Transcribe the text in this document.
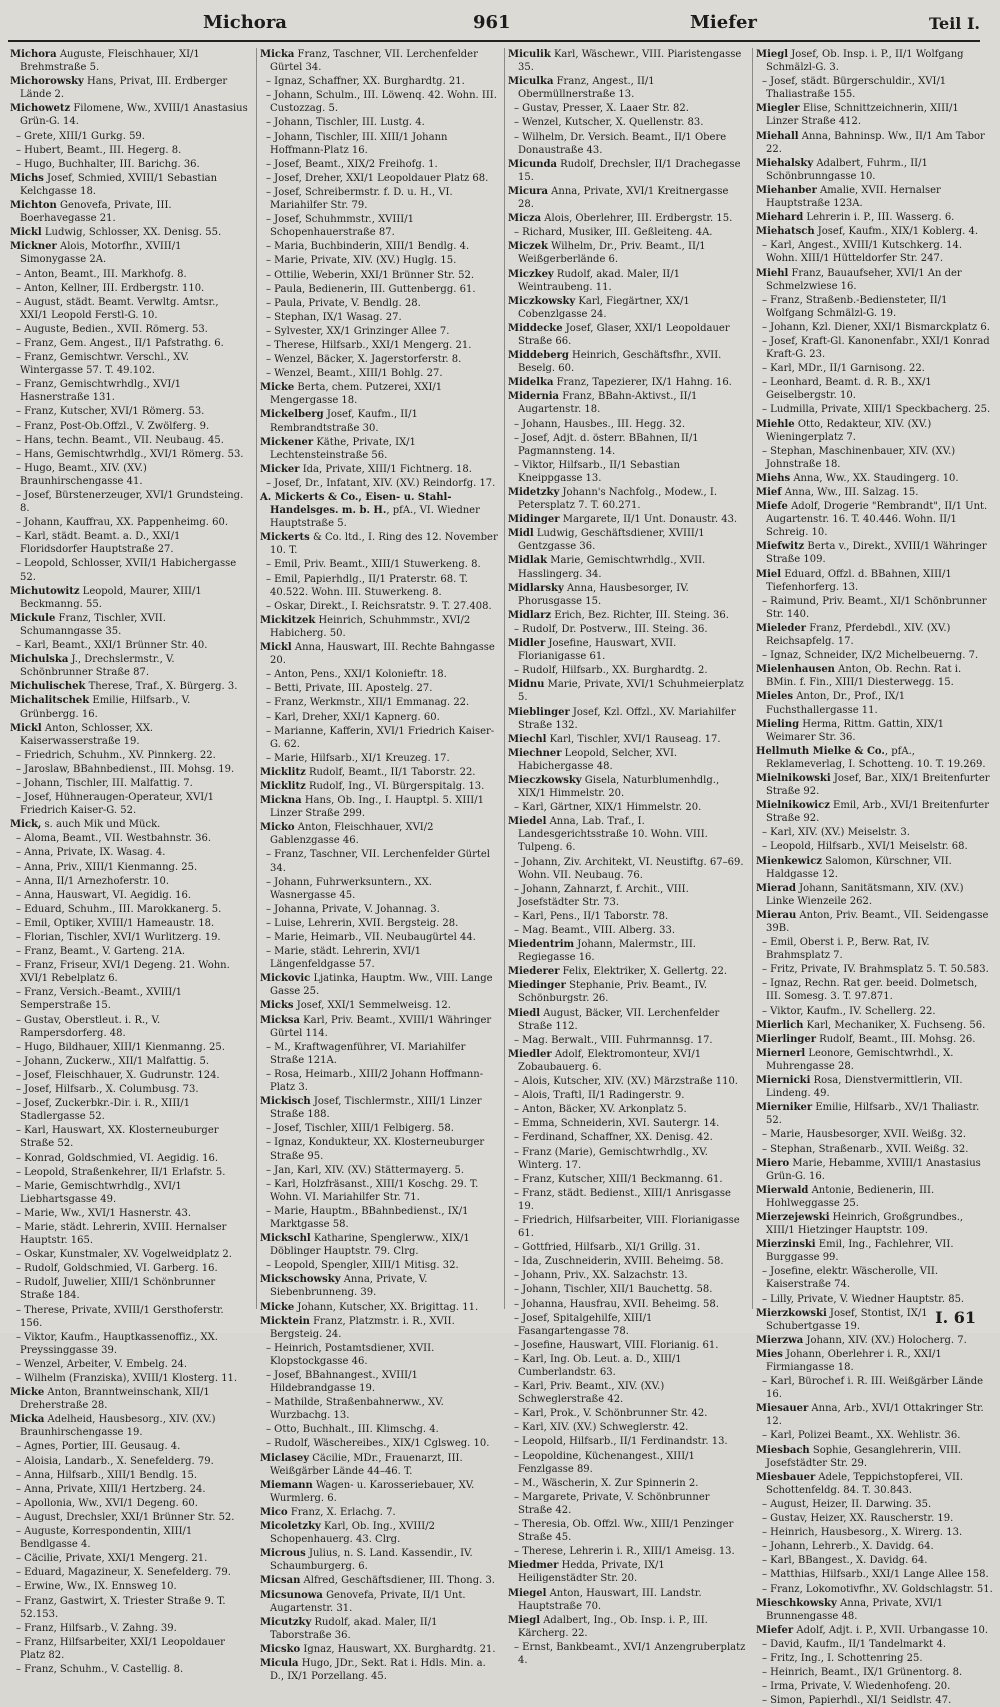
Michora	961	Miefer	Teil I.
Michora Auguste, Fleischhauer, XI/1 Brehmstraße 5.
Michorowsky Hans, Privat, III. Erdberger Lände 2.
Michowetz Filomene, Ww., XVIII/1 Anastasius Grün-G. 14.
– Grete, XIII/1 Gurkg. 59.
– Hubert, Beamt., III. Hegerg. 8.
– Hugo, Buchhalter, III. Barichg. 36.
Michs Josef, Schmied, XVIII/1 Sebastian Kelchgasse 18.
Michton Genovefa, Private, III. Boerhavegasse 21.
Mickl Ludwig, Schlosser, XX. Denisg. 55.
Mickner Alois, Motorfhr., XVIII/1 Simonygasse 2A.
– Anton, Beamt., III. Markhofg. 8.
– Anton, Kellner, III. Erdbergstr. 110.
– August, städt. Beamt. Verwltg. Amtsr., XXI/1 Leopold Ferstl-G. 10.
– Auguste, Bedien., XVII. Römerg. 53.
– Franz, Gem. Angest., II/1 Pafstrathg. 6.
– Franz, Gemischtwr. Verschl., XV. Wintergasse 57. T. 49.102.
– Franz, Gemischtwrhdlg., XVI/1 Hasnerstraße 131.
– Franz, Kutscher, XVI/1 Römerg. 53.
– Franz, Post-Ob.Offzl., V. Zwölferg. 9.
– Hans, techn. Beamt., VII. Neubaug. 45.
– Hans, Gemischtwrhdlg., XVI/1 Römerg. 53.
– Hugo, Beamt., XIV. (XV.) Braunhirschengasse 41.
– Josef, Bürstenerzeuger, XVI/1 Grundsteing. 8.
– Johann, Kauffrau, XX. Pappenheimg. 60.
– Karl, städt. Beamt. a. D., XXI/1 Floridsdorfer Hauptstraße 27.
– Leopold, Schlosser, XVII/1 Habichergasse 52.
Michutowitz Leopold, Maurer, XIII/1 Beckmanng. 55.
Mickule Franz, Tischler, XVII. Schumanngasse 35.
– Karl, Beamt., XXI/1 Brünner Str. 40.
Michulska J., Drechslermstr., V. Schönbrunner Straße 87.
Michulischek Therese, Traf., X. Bürgerg. 3.
Michalitschek Emilie, Hilfsarb., V. Grünbergg. 16.
Mickl Anton, Schlosser, XX. Kaiserwasserstraße 19.
– Friedrich, Schuhm., XV. Pinnkerg. 22.
– Jaroslaw, BBahnbedienst., III. Mohsg. 19.
– Johann, Tischler, III. Malfattig. 7.
– Josef, Hühneraugen-Operateur, XVI/1 Friedrich Kaiser-G. 52.
Mick, s. auch Mik und Mück.
– Aloma, Beamt., VII. Westbahnstr. 36.
– Anna, Private, IX. Wasag. 4.
– Anna, Priv., XIII/1 Kienmanng. 25.
– Anna, II/1 Arnezhoferstr. 10.
– Anna, Hauswart, VI. Aegidig. 16.
– Eduard, Schuhm., III. Marokkanerg. 5.
– Emil, Optiker, XVIII/1 Hameaustr. 18.
– Florian, Tischler, XVI/1 Wurlitzerg. 19.
– Franz, Beamt., V. Garteng. 21A.
– Franz, Friseur, XVI/1 Degeng. 21. Wohn. XVI/1 Rebelplatz 6.
– Franz, Versich.-Beamt., XVIII/1 Semperstraße 15.
– Gustav, Oberstleut. i. R., V. Rampersdorferg. 48.
– Hugo, Bildhauer, XIII/1 Kienmanng. 25.
– Johann, Zuckerw., XII/1 Malfattig. 5.
– Josef, Fleischhauer, X. Gudrunstr. 124.
– Josef, Hilfsarb., X. Columbusg. 73.
– Josef, Zuckerbkr.-Dir. i. R., XIII/1 Stadlergasse 52.
– Karl, Hauswart, XX. Klosterneuburger Straße 52.
– Konrad, Goldschmied, VI. Aegidig. 16.
– Leopold, Straßenkehrer, II/1 Erlafstr. 5.
– Marie, Gemischtwrhdlg., XVI/1 Liebhartsgasse 49.
– Marie, Ww., XVI/1 Hasnerstr. 43.
– Marie, städt. Lehrerin, XVIII. Hernalser Hauptstr. 165.
– Oskar, Kunstmaler, XV. Vogelweidplatz 2.
– Rudolf, Goldschmied, VI. Garberg. 16.
– Rudolf, Juwelier, XIII/1 Schönbrunner Straße 184.
– Therese, Private, XVIII/1 Gersthoferstr. 156.
– Viktor, Kaufm., Hauptkassenoffiz., XX. Preyssinggasse 39.
– Wenzel, Arbeiter, V. Embelg. 24.
– Wilhelm (Franziska), XVIII/1 Klosterg. 11.
Micke Anton, Branntweinschank, XII/1 Dreherstraße 28.
Micka Adelheid, Hausbesorg., XIV. (XV.) Braunhirschengasse 19.
– Agnes, Portier, III. Geusaug. 4.
– Aloisia, Landarb., X. Senefelderg. 79.
– Anna, Hilfsarb., XIII/1 Bendlg. 15.
– Anna, Private, XIII/1 Hertzberg. 24.
– Apollonia, Ww., XVI/1 Degeng. 60.
– August, Drechsler, XXI/1 Brünner Str. 52.
– Auguste, Korrespondentin, XIII/1 Bendlgasse 4.
– Cäcilie, Private, XXI/1 Mengerg. 21.
– Eduard, Magazineur, X. Senefelderg. 79.
– Erwine, Ww., IX. Ennsweg 10.
– Franz, Gastwirt, X. Triester Straße 9. T. 52.153.
– Franz, Hilfsarb., V. Zahng. 39.
– Franz, Hilfsarbeiter, XXI/1 Leopoldauer Platz 82.
– Franz, Schuhm., V. Castellig. 8.
Micka Franz, Taschner, VII. Lerchenfelder Gürtel 34.
– Ignaz, Schaffner, XX. Burghardtg. 21.
– Johann, Schulm., III. Löwenq. 42. Wohn. III. Custozzag. 5.
– Johann, Tischler, III. Lustg. 4.
– Johann, Tischler, III. XIII/1 Johann Hoffmann-Platz 16.
– Josef, Beamt., XIX/2 Freihofg. 1.
– Josef, Dreher, XXI/1 Leopoldauer Platz 68.
– Josef, Schreibermstr. f. D. u. H., VI. Mariahilfer Str. 79.
– Josef, Schuhmmstr., XVIII/1 Schopenhauerstraße 87.
– Maria, Buchbinderin, XIII/1 Bendlg. 4.
– Marie, Private, XIV. (XV.) Huglg. 15.
– Ottilie, Weberin, XXI/1 Brünner Str. 52.
– Paula, Bedienerin, III. Guttenbergg. 61.
– Paula, Private, V. Bendlg. 28.
– Stephan, IX/1 Wasag. 27.
– Sylvester, XX/1 Grinzinger Allee 7.
– Therese, Hilfsarb., XXI/1 Mengerg. 21.
– Wenzel, Bäcker, X. Jagerstorferstr. 8.
– Wenzel, Beamt., XIII/1 Bohlg. 27.
Micke Berta, chem. Putzerei, XXI/1 Mengergasse 18.
Mickelberg Josef, Kaufm., II/1 Rembrandtstraße 30.
Mickener Käthe, Private, IX/1 Lechtensteinstraße 56.
Micker Ida, Private, XIII/1 Fichtnerg. 18.
– Josef, Dr., Infatant, XIV. (XV.) Reindorfg. 17.
A. Mickerts & Co., Eisen- u. Stahl-Handelsges. m. b. H., pfA., VI. Wiedner Hauptstraße 5.
Mickerts & Co. ltd., I. Ring des 12. November 10. T.
– Emil, Priv. Beamt., XIII/1 Stuwerkeng. 8.
– Emil, Papierhdlg., II/1 Praterstr. 68. T. 40.522. Wohn. III. Stuwerkeng. 8.
– Oskar, Direkt., I. Reichsratstr. 9. T. 27.408.
Mickitzek Heinrich, Schuhmmstr., XVI/2 Habicherg. 50.
Mickl Anna, Hauswart, III. Rechte Bahngasse 20.
– Anton, Pens., XXI/1 Kolonieftr. 18.
– Betti, Private, III. Apostelg. 27.
– Franz, Werkmstr., XII/1 Emmanag. 22.
– Karl, Dreher, XXI/1 Kapnerg. 60.
– Marianne, Kafferin, XVI/1 Friedrich Kaiser-G. 62.
– Marie, Hilfsarb., XI/1 Kreuzeg. 17.
Micklitz Rudolf, Beamt., II/1 Taborstr. 22.
Micklitz Rudolf, Ing., VI. Bürgerspitalg. 13.
Mickna Hans, Ob. Ing., I. Hauptpl. 5. XIII/1 Linzer Straße 299.
Micko Anton, Fleischhauer, XVI/2 Gablenzgasse 46.
– Franz, Taschner, VII. Lerchenfelder Gürtel 34.
– Johann, Fuhrwerksuntern., XX. Wasnergasse 45.
– Johanna, Private, V. Johannag. 3.
– Luise, Lehrerin, XVII. Bergsteig. 28.
– Marie, Heimarb., VII. Neubaugürtel 44.
– Marie, städt. Lehrerin, XVI/1 Längenfeldgasse 57.
Mickovic Ljatinka, Hauptm. Ww., VIII. Lange Gasse 25.
Micks Josef, XXI/1 Semmelweisg. 12.
Micksa Karl, Priv. Beamt., XVIII/1 Währinger Gürtel 114.
– M., Kraftwagenführer, VI. Mariahilfer Straße 121A.
– Rosa, Heimarb., XIII/2 Johann Hoffmann-Platz 3.
Mickisch Josef, Tischlermstr., XIII/1 Linzer Straße 188.
– Josef, Tischler, XIII/1 Felbigerg. 58.
– Ignaz, Kondukteur, XX. Klosterneuburger Straße 95.
– Jan, Karl, XIV. (XV.) Stättermayerg. 5.
– Karl, Holzfräsanst., XIII/1 Koschg. 29. T. Wohn. VI. Mariahilfer Str. 71.
– Marie, Hauptm., BBahnbedienst., IX/1 Marktgasse 58.
Mickschl Katharine, Spenglerww., XIX/1 Döblinger Hauptstr. 79. Clrg.
– Leopold, Spengler, XIII/1 Mitisg. 32.
Mickschowsky Anna, Private, V. Siebenbrunneng. 39.
Micke Johann, Kutscher, XX. Brigittag. 11.
Micktein Franz, Platzmstr. i. R., XVII. Bergsteig. 24.
– Heinrich, Postamtsdiener, XVII. Klopstockgasse 46.
– Josef, BBahnangest., XVIII/1 Hildebrandgasse 19.
– Mathilde, Straßenbahnerww., XV. Wurzbachg. 13.
– Otto, Buchhalt., III. Klimschg. 4.
– Rudolf, Wäschereibes., XIX/1 Cglsweg. 10.
Miclasey Cäcilie, MDr., Frauenarzt, III. Weißgärber Lände 44–46. T.
Miemann Wagen- u. Karosseriebauer, XV. Wurmlerg. 6.
Mico Franz, X. Erlachg. 7.
Micoletzky Karl, Ob. Ing., XVIII/2 Schopenhauerg. 43. Clrg.
Microus Julius, n. S. Land. Kassendir., IV. Schaumburgerg. 6.
Micsan Alfred, Geschäftsdiener, III. Thong. 3.
Micsunowa Genovefa, Private, II/1 Unt. Augartenstr. 31.
Micutzky Rudolf, akad. Maler, II/1 Taborstraße 36.
Micsko Ignaz, Hauswart, XX. Burghardtg. 21.
Micula Hugo, JDr., Sekt. Rat i. Hdls. Min. a. D., IX/1 Porzellang. 45.
Miculik Karl, Wäschewr., VIII. Piaristengasse 35.
Miculka Franz, Angest., II/1 Obermüllnerstraße 13.
– Gustav, Presser, X. Laaer Str. 82.
– Wenzel, Kutscher, X. Quellenstr. 83.
– Wilhelm, Dr. Versich. Beamt., II/1 Obere Donaustraße 43.
Micunda Rudolf, Drechsler, II/1 Drachegasse 15.
Micura Anna, Private, XVI/1 Kreitnergasse 28.
Micza Alois, Oberlehrer, III. Erdbergstr. 15.
– Richard, Musiker, III. Geßleiteng. 4A.
Miczek Wilhelm, Dr., Priv. Beamt., II/1 Weißgerberlände 6.
Miczkey Rudolf, akad. Maler, II/1 Weintraubeng. 11.
Miczkowsky Karl, Fiegärtner, XX/1 Cobenzlgasse 24.
Middecke Josef, Glaser, XXI/1 Leopoldauer Straße 66.
Middeberg Heinrich, Geschäftsfhr., XVII. Beselg. 60.
Midelka Franz, Tapezierer, IX/1 Hahng. 16.
Midernia Franz, BBahn-Aktivst., II/1 Augartenstr. 18.
– Johann, Hausbes., III. Hegg. 32.
– Josef, Adjt. d. österr. BBahnen, II/1 Pagmannsteng. 14.
– Viktor, Hilfsarb., II/1 Sebastian Kneippgasse 13.
Midetzky Johann's Nachfolg., Modew., I. Petersplatz 7. T. 60.271.
Midinger Margarete, II/1 Unt. Donaustr. 43.
Midl Ludwig, Geschäftsdiener, XVIII/1 Gentzgasse 36.
Midlak Marie, Gemischtwrhdlg., XVII. Hasslingerg. 34.
Midlarsky Anna, Hausbesorger, IV. Phorusgasse 15.
Midlarz Erich, Bez. Richter, III. Steing. 36.
– Rudolf, Dr. Postverw., III. Steing. 36.
Midler Josefine, Hauswart, XVII. Florianigasse 61.
– Rudolf, Hilfsarb., XX. Burghardtg. 2.
Midnu Marie, Private, XVI/1 Schuhmeierplatz 5.
Mieblinger Josef, Kzl. Offzl., XV. Mariahilfer Straße 132.
Miechl Karl, Tischler, XVI/1 Rauseag. 17.
Miechner Leopold, Selcher, XVI. Habichergasse 48.
Mieczkowsky Gisela, Naturblumenhdlg., XIX/1 Himmelstr. 20.
– Karl, Gärtner, XIX/1 Himmelstr. 20.
Miedel Anna, Lab. Traf., I. Landesgerichtsstraße 10. Wohn. VIII. Tulpeng. 6.
– Johann, Ziv. Architekt, VI. Neustiftg. 67–69. Wohn. VII. Neubaug. 76.
– Johann, Zahnarzt, f. Archit., VIII. Josefstädter Str. 73.
– Karl, Pens., II/1 Taborstr. 78.
– Mag. Beamt., VIII. Alberg. 33.
Miedentrim Johann, Malermstr., III. Regiegasse 16.
Miederer Felix, Elektriker, X. Gellertg. 22.
Miedinger Stephanie, Priv. Beamt., IV. Schönburgstr. 26.
Miedl August, Bäcker, VII. Lerchenfelder Straße 112.
– Mag. Berwalt., VIII. Fuhrmannsg. 17.
Miedler Adolf, Elektromonteur, XVI/1 Zobaubauerg. 6.
– Alois, Kutscher, XIV. (XV.) Märzstraße 110.
– Alois, Traftl, II/1 Radingerstr. 9.
– Anton, Bäcker, XV. Arkonplatz 5.
– Emma, Schneiderin, XVI. Sautergr. 14.
– Ferdinand, Schaffner, XX. Denisg. 42.
– Franz (Marie), Gemischtwrhdlg., XV. Winterg. 17.
– Franz, Kutscher, XIII/1 Beckmanng. 61.
– Franz, städt. Bedienst., XIII/1 Anrisgasse 19.
– Friedrich, Hilfsarbeiter, VIII. Florianigasse 61.
– Gottfried, Hilfsarb., XI/1 Grillg. 31.
– Ida, Zuschneiderin, XVIII. Beheimg. 58.
– Johann, Priv., XX. Salzachstr. 13.
– Johann, Tischler, XII/1 Bauchettg. 58.
– Johanna, Hausfrau, XVII. Beheimg. 58.
– Josef, Spitalgehilfe, XIII/1 Fasangartengasse 78.
– Josefine, Hauswart, VIII. Florianig. 61.
– Karl, Ing. Ob. Leut. a. D., XIII/1 Cumberlandstr. 63.
– Karl, Priv. Beamt., XIV. (XV.) Schweglerstraße 42.
– Karl, Prok., V. Schönbrunner Str. 42.
– Karl, XIV. (XV.) Schweglerstr. 42.
– Leopold, Hilfsarb., II/1 Ferdinandstr. 13.
– Leopoldine, Küchenangest., XIII/1 Fenzlgasse 89.
– M., Wäscherin, X. Zur Spinnerin 2.
– Margarete, Private, V. Schönbrunner Straße 42.
– Theresia, Ob. Offzl. Ww., XIII/1 Penzinger Straße 45.
– Therese, Lehrerin i. R., XIII/1 Ameisg. 13.
Miedmer Hedda, Private, IX/1 Heiligenstädter Str. 20.
Miegel Anton, Hauswart, III. Landstr. Hauptstraße 70.
Miegl Adalbert, Ing., Ob. Insp. i. P., III. Kärcherg. 22.
– Ernst, Bankbeamt., XVI/1 Anzengruberplatz 4.
Miegl Josef, Ob. Insp. i. P., II/1 Wolfgang Schmälzl-G. 3.
– Josef, städt. Bürgerschuldir., XVI/1 Thaliastraße 155.
Miegler Elise, Schnittzeichnerin, XIII/1 Linzer Straße 412.
Miehall Anna, Bahninsp. Ww., II/1 Am Tabor 22.
Miehalsky Adalbert, Fuhrm., II/1 Schönbrunngasse 10.
Miehanber Amalie, XVII. Hernalser Hauptstraße 123A.
Miehard Lehrerin i. P., III. Wasserg. 6.
Miehatsch Josef, Kaufm., XIX/1 Koblerg. 4.
– Karl, Angest., XVIII/1 Kutschkerg. 14. Wohn. XIII/1 Hütteldorfer Str. 247.
Miehl Franz, Bauaufseher, XVI/1 An der Schmelzwiese 16.
– Franz, Straßenb.-Bediensteter, II/1 Wolfgang Schmälzl-G. 19.
– Johann, Kzl. Diener, XXI/1 Bismarckplatz 6.
– Josef, Kraft-Gl. Kanonenfabr., XXI/1 Konrad Kraft-G. 23.
– Karl, MDr., II/1 Garnisong. 22.
– Leonhard, Beamt. d. R. B., XX/1 Geiselbergstr. 10.
– Ludmilla, Private, XIII/1 Speckbacherg. 25.
Miehle Otto, Redakteur, XIV. (XV.) Wieningerplatz 7.
– Stephan, Maschinenbauer, XIV. (XV.) Johnstraße 18.
Miehs Anna, Ww., XX. Staudingerg. 10.
Mief Anna, Ww., III. Salzag. 15.
Miefe Adolf, Drogerie "Rembrandt", II/1 Unt. Augartenstr. 16. T. 40.446. Wohn. II/1 Schreig. 10.
Miefwitz Berta v., Direkt., XVIII/1 Währinger Straße 109.
Miel Eduard, Offzl. d. BBahnen, XIII/1 Tiefenhorferg. 13.
– Raimund, Priv. Beamt., XI/1 Schönbrunner Str. 140.
Mieleder Franz, Pferdebdl., XIV. (XV.) Reichsapfelg. 17.
– Ignaz, Schneider, IX/2 Michelbeuerng. 7.
Mielenhausen Anton, Ob. Rechn. Rat i. BMin. f. Fin., XIII/1 Diesterwegg. 15.
Mieles Anton, Dr., Prof., IX/1 Fuchsthallergasse 11.
Mieling Herma, Rittm. Gattin, XIX/1 Weimarer Str. 36.
Hellmuth Mielke & Co., pfA., Reklameverlag, I. Schotteng. 10. T. 19.269.
Mielnikowski Josef, Bar., XIX/1 Breitenfurter Straße 92.
Mielnikowicz Emil, Arb., XVI/1 Breitenfurter Straße 92.
– Karl, XIV. (XV.) Meiselstr. 3.
– Leopold, Hilfsarb., XVI/1 Meiselstr. 68.
Mienkewicz Salomon, Kürschner, VII. Haldgasse 12.
Mierad Johann, Sanitätsmann, XIV. (XV.) Linke Wienzeile 262.
Mierau Anton, Priv. Beamt., VII. Seidengasse 39B.
– Emil, Oberst i. P., Berw. Rat, IV. Brahmsplatz 7.
– Fritz, Private, IV. Brahmsplatz 5. T. 50.583.
– Ignaz, Rechn. Rat ger. beeid. Dolmetsch, III. Somesg. 3. T. 97.871.
– Viktor, Kaufm., IV. Schellerg. 22.
Mierlich Karl, Mechaniker, X. Fuchseng. 56.
Mierlinger Rudolf, Beamt., III. Mohsg. 26.
Miernerl Leonore, Gemischtwrhdl., X. Muhrengasse 28.
Miernicki Rosa, Dienstvermittlerin, VII. Lindeng. 49.
Mierniker Emilie, Hilfsarb., XV/1 Thaliastr. 52.
– Marie, Hausbesorger, XVII. Weißg. 32.
– Stephan, Straßenarb., XVII. Weißg. 32.
Miero Marie, Hebamme, XVIII/1 Anastasius Grün-G. 16.
Mierwald Antonie, Bedienerin, III. Hohlweggasse 25.
Mierzejewski Heinrich, Großgrundbes., XIII/1 Hietzinger Hauptstr. 109.
Mierzinski Emil, Ing., Fachlehrer, VII. Burggasse 99.
– Josefine, elektr. Wäscherolle, VII. Kaiserstraße 74.
– Lilly, Private, V. Wiedner Hauptstr. 85.
Mierzkowski Josef, Stontist, IX/1 Schubertgasse 19.
Mierzwa Johann, XIV. (XV.) Holocherg. 7.
Mies Johann, Oberlehrer i. R., XXI/1 Firmiangasse 18.
– Karl, Bürochef i. R. III. Weißgärber Lände 16.
Miesauer Anna, Arb., XVI/1 Ottakringer Str. 12.
– Karl, Polizei Beamt., XX. Wehlistr. 36.
Miesbach Sophie, Gesanglehrerin, VIII. Josefstädter Str. 29.
Miesbauer Adele, Teppichstopferei, VII. Schottenfeldg. 84. T. 30.843.
– August, Heizer, II. Darwing. 35.
– Gustav, Heizer, XX. Rauscherstr. 19.
– Heinrich, Hausbesorg., X. Wirerg. 13.
– Johann, Lehrerb., X. Davidg. 64.
– Karl, BBangest., X. Davidg. 64.
– Matthias, Hilfsarb., XXI/1 Lange Allee 158.
– Franz, Lokomotivfhr., XV. Goldschlagstr. 51.
Mieschkowsky Anna, Private, XVI/1 Brunnengasse 48.
Miefer Adolf, Adjt. i. P., XVII. Urbangasse 10.
– David, Kaufm., II/1 Tandelmarkt 4.
– Fritz, Ing., I. Schottenring 25.
– Heinrich, Beamt., IX/1 Grünentorg. 8.
– Irma, Private, V. Wiedenhofeng. 20.
– Simon, Papierhdl., XI/1 Seidlstr. 47.
I. 61
